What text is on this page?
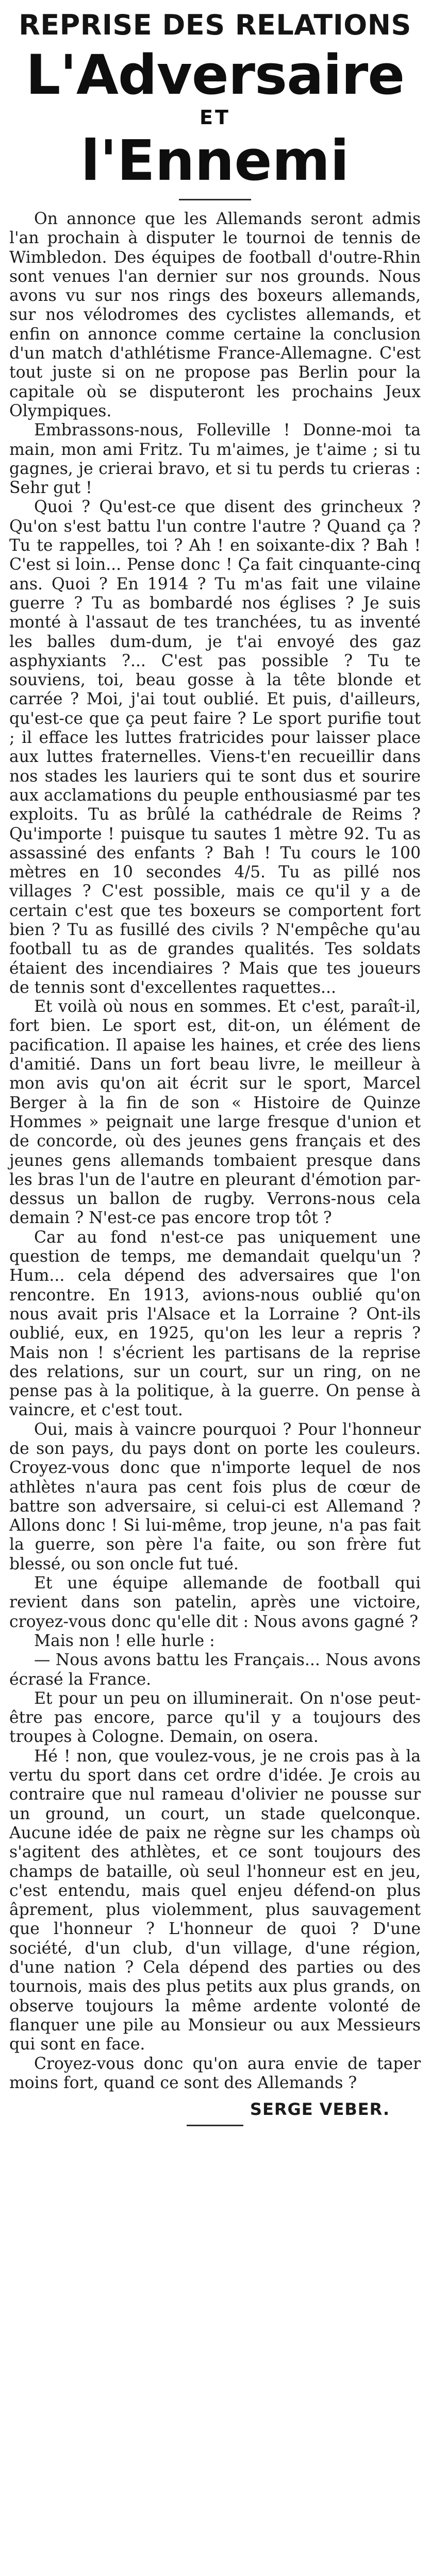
REPRISE DES RELATIONS
L'Adversaire
ET
l'Ennemi

On annonce que les Allemands seront admis l'an prochain à disputer le tournoi de tennis de Wimbledon. Des équipes de football d'outre-Rhin sont venues l'an dernier sur nos grounds. Nous avons vu sur nos rings des boxeurs allemands, sur nos vélodromes des cyclistes allemands, et enfin on annonce comme certaine la conclusion d'un match d'athlétisme France-Allemagne. C'est tout juste si on ne propose pas Berlin pour la capitale où se disputeront les prochains Jeux Olympiques.

Embrassons-nous, Folleville ! Donne-moi ta main, mon ami Fritz. Tu m'aimes, je t'aime ; si tu gagnes, je crierai bravo, et si tu perds tu crieras : Sehr gut !

Quoi ? Qu'est-ce que disent des grincheux ? Qu'on s'est battu l'un contre l'autre ? Quand ça ? Tu te rappelles, toi ? Ah ! en soixante-dix ? Bah ! C'est si loin... Pense donc ! Ça fait cinquante-cinq ans. Quoi ? En 1914 ? Tu m'as fait une vilaine guerre ? Tu as bombardé nos églises ? Je suis monté à l'assaut de tes tranchées, tu as inventé les balles dum-dum, je t'ai envoyé des gaz asphyxiants ?... C'est pas possible ? Tu te souviens, toi, beau gosse à la tête blonde et carrée ? Moi, j'ai tout oublié. Et puis, d'ailleurs, qu'est-ce que ça peut faire ? Le sport purifie tout ; il efface les luttes fratricides pour laisser place aux luttes fraternelles. Viens-t'en recueillir dans nos stades les lauriers qui te sont dus et sourire aux acclamations du peuple enthousiasmé par tes exploits. Tu as brûlé la cathédrale de Reims ? Qu'importe ! puisque tu sautes 1 mètre 92. Tu as assassiné des enfants ? Bah ! Tu cours le 100 mètres en 10 secondes 4/5. Tu as pillé nos villages ? C'est possible, mais ce qu'il y a de certain c'est que tes boxeurs se comportent fort bien ? Tu as fusillé des civils ? N'empêche qu'au football tu as de grandes qualités. Tes soldats étaient des incendiaires ? Mais que tes joueurs de tennis sont d'excellentes raquettes...

Et voilà où nous en sommes. Et c'est, paraît-il, fort bien. Le sport est, dit-on, un élément de pacification. Il apaise les haines, et crée des liens d'amitié. Dans un fort beau livre, le meilleur à mon avis qu'on ait écrit sur le sport, Marcel Berger à la fin de son « Histoire de Quinze Hommes » peignait une large fresque d'union et de concorde, où des jeunes gens français et des jeunes gens allemands tombaient presque dans les bras l'un de l'autre en pleurant d'émotion par-dessus un ballon de rugby. Verrons-nous cela demain ? N'est-ce pas encore trop tôt ?

Car au fond n'est-ce pas uniquement une question de temps, me demandait quelqu'un ? Hum... cela dépend des adversaires que l'on rencontre. En 1913, avions-nous oublié qu'on nous avait pris l'Alsace et la Lorraine ? Ont-ils oublié, eux, en 1925, qu'on les leur a repris ? Mais non ! s'écrient les partisans de la reprise des relations, sur un court, sur un ring, on ne pense pas à la politique, à la guerre. On pense à vaincre, et c'est tout.

Oui, mais à vaincre pourquoi ? Pour l'honneur de son pays, du pays dont on porte les couleurs. Croyez-vous donc que n'importe lequel de nos athlètes n'aura pas cent fois plus de cœur de battre son adversaire, si celui-ci est Allemand ? Allons donc ! Si lui-même, trop jeune, n'a pas fait la guerre, son père l'a faite, ou son frère fut blessé, ou son oncle fut tué.

Et une équipe allemande de football qui revient dans son patelin, après une victoire, croyez-vous donc qu'elle dit : Nous avons gagné ?

Mais non ! elle hurle :

— Nous avons battu les Français... Nous avons écrasé la France.

Et pour un peu on illuminerait. On n'ose peut-être pas encore, parce qu'il y a toujours des troupes à Cologne. Demain, on osera.

Hé ! non, que voulez-vous, je ne crois pas à la vertu du sport dans cet ordre d'idée. Je crois au contraire que nul rameau d'olivier ne pousse sur un ground, un court, un stade quelconque. Aucune idée de paix ne règne sur les champs où s'agitent des athlètes, et ce sont toujours des champs de bataille, où seul l'honneur est en jeu, c'est entendu, mais quel enjeu défend-on plus âprement, plus violemment, plus sauvagement que l'honneur ? L'honneur de quoi ? D'une société, d'un club, d'un village, d'une région, d'une nation ? Cela dépend des parties ou des tournois, mais des plus petits aux plus grands, on observe toujours la même ardente volonté de flanquer une pile au Monsieur ou aux Messieurs qui sont en face.

Croyez-vous donc qu'on aura envie de taper moins fort, quand ce sont des Allemands ?

SERGE VEBER.
